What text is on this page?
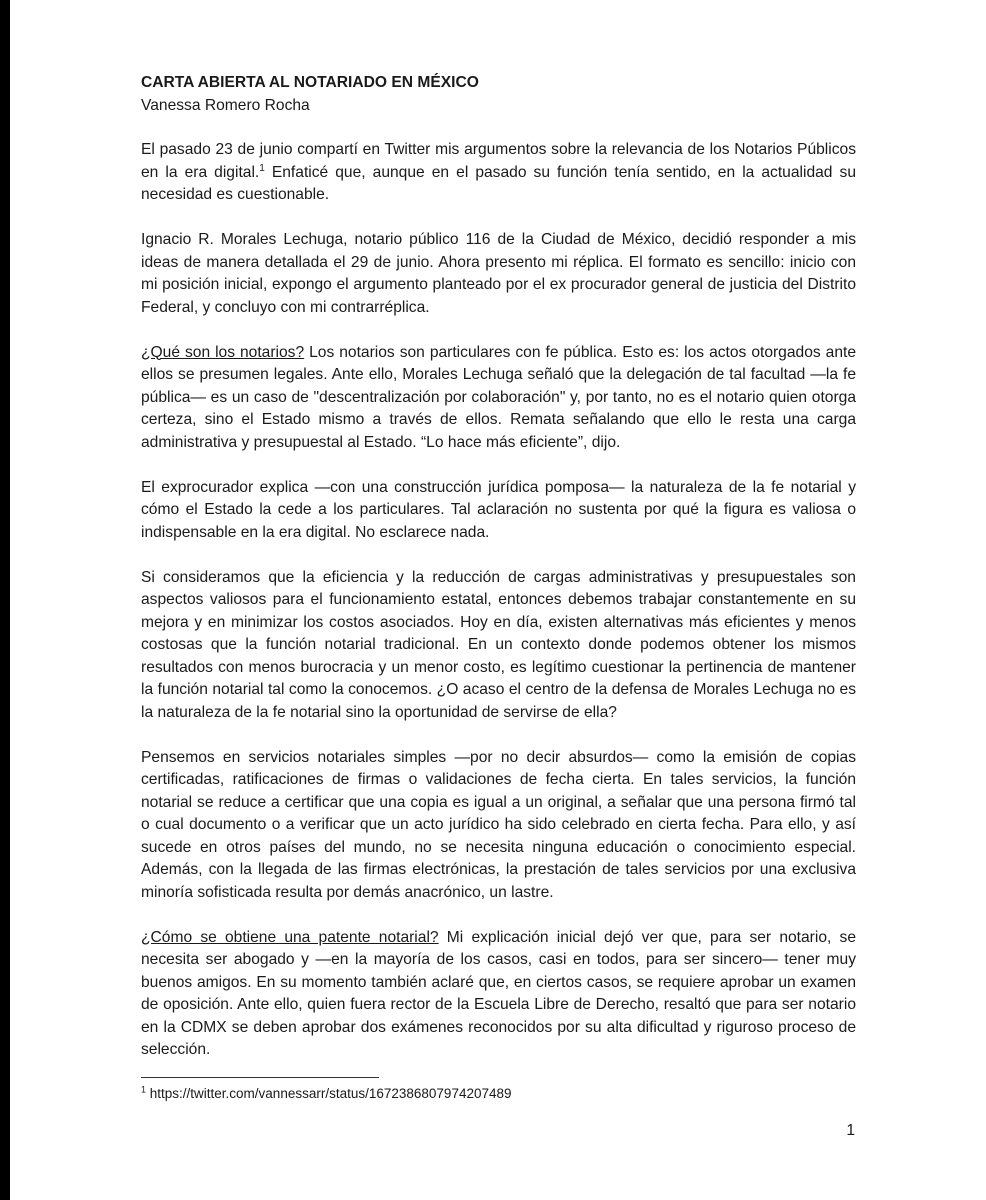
CARTA ABIERTA AL NOTARIADO EN MÉXICO

Vanessa Romero Rocha

El pasado 23 de junio compartí en Twitter mis argumentos sobre la relevancia de los Notarios Públicos en la era digital.$^1$ Enfaticé que, aunque en el pasado su función tenía sentido, en la actualidad su necesidad es cuestionable.

Ignacio R. Morales Lechuga, notario público 116 de la Ciudad de México, decidió responder a mis ideas de manera detallada el 29 de junio. Ahora presento mi réplica. El formato es sencillo: inicio con mi posición inicial, expongo el argumento planteado por el ex procurador general de justicia del Distrito Federal, y concluyo con mi contrarréplica.

¿Qué son los notarios? Los notarios son particulares con fe pública. Esto es: los actos otorgados ante ellos se presumen legales. Ante ello, Morales Lechuga señaló que la delegación de tal facultad —la fe pública— es un caso de "descentralización por colaboración" y, por tanto, no es el notario quien otorga certeza, sino el Estado mismo a través de ellos. Remata señalando que ello le resta una carga administrativa y presupuestal al Estado. “Lo hace más eficiente”, dijo.

El exprocurador explica —con una construcción jurídica pomposa— la naturaleza de la fe notarial y cómo el Estado la cede a los particulares. Tal aclaración no sustenta por qué la figura es valiosa o indispensable en la era digital. No esclarece nada.

Si consideramos que la eficiencia y la reducción de cargas administrativas y presupuestales son aspectos valiosos para el funcionamiento estatal, entonces debemos trabajar constantemente en su mejora y en minimizar los costos asociados. Hoy en día, existen alternativas más eficientes y menos costosas que la función notarial tradicional. En un contexto donde podemos obtener los mismos resultados con menos burocracia y un menor costo, es legítimo cuestionar la pertinencia de mantener la función notarial tal como la conocemos. ¿O acaso el centro de la defensa de Morales Lechuga no es la naturaleza de la fe notarial sino la oportunidad de servirse de ella?

Pensemos en servicios notariales simples —por no decir absurdos— como la emisión de copias certificadas, ratificaciones de firmas o validaciones de fecha cierta. En tales servicios, la función notarial se reduce a certificar que una copia es igual a un original, a señalar que una persona firmó tal o cual documento o a verificar que un acto jurídico ha sido celebrado en cierta fecha. Para ello, y así sucede en otros países del mundo, no se necesita ninguna educación o conocimiento especial. Además, con la llegada de las firmas electrónicas, la prestación de tales servicios por una exclusiva minoría sofisticada resulta por demás anacrónico, un lastre.

¿Cómo se obtiene una patente notarial? Mi explicación inicial dejó ver que, para ser notario, se necesita ser abogado y —en la mayoría de los casos, casi en todos, para ser sincero— tener muy buenos amigos. En su momento también aclaré que, en ciertos casos, se requiere aprobar un examen de oposición. Ante ello, quien fuera rector de la Escuela Libre de Derecho, resaltó que para ser notario en la CDMX se deben aprobar dos exámenes reconocidos por su alta dificultad y riguroso proceso de selección.

$^1$ https://twitter.com/vannessarr/status/1672386807974207489
1
